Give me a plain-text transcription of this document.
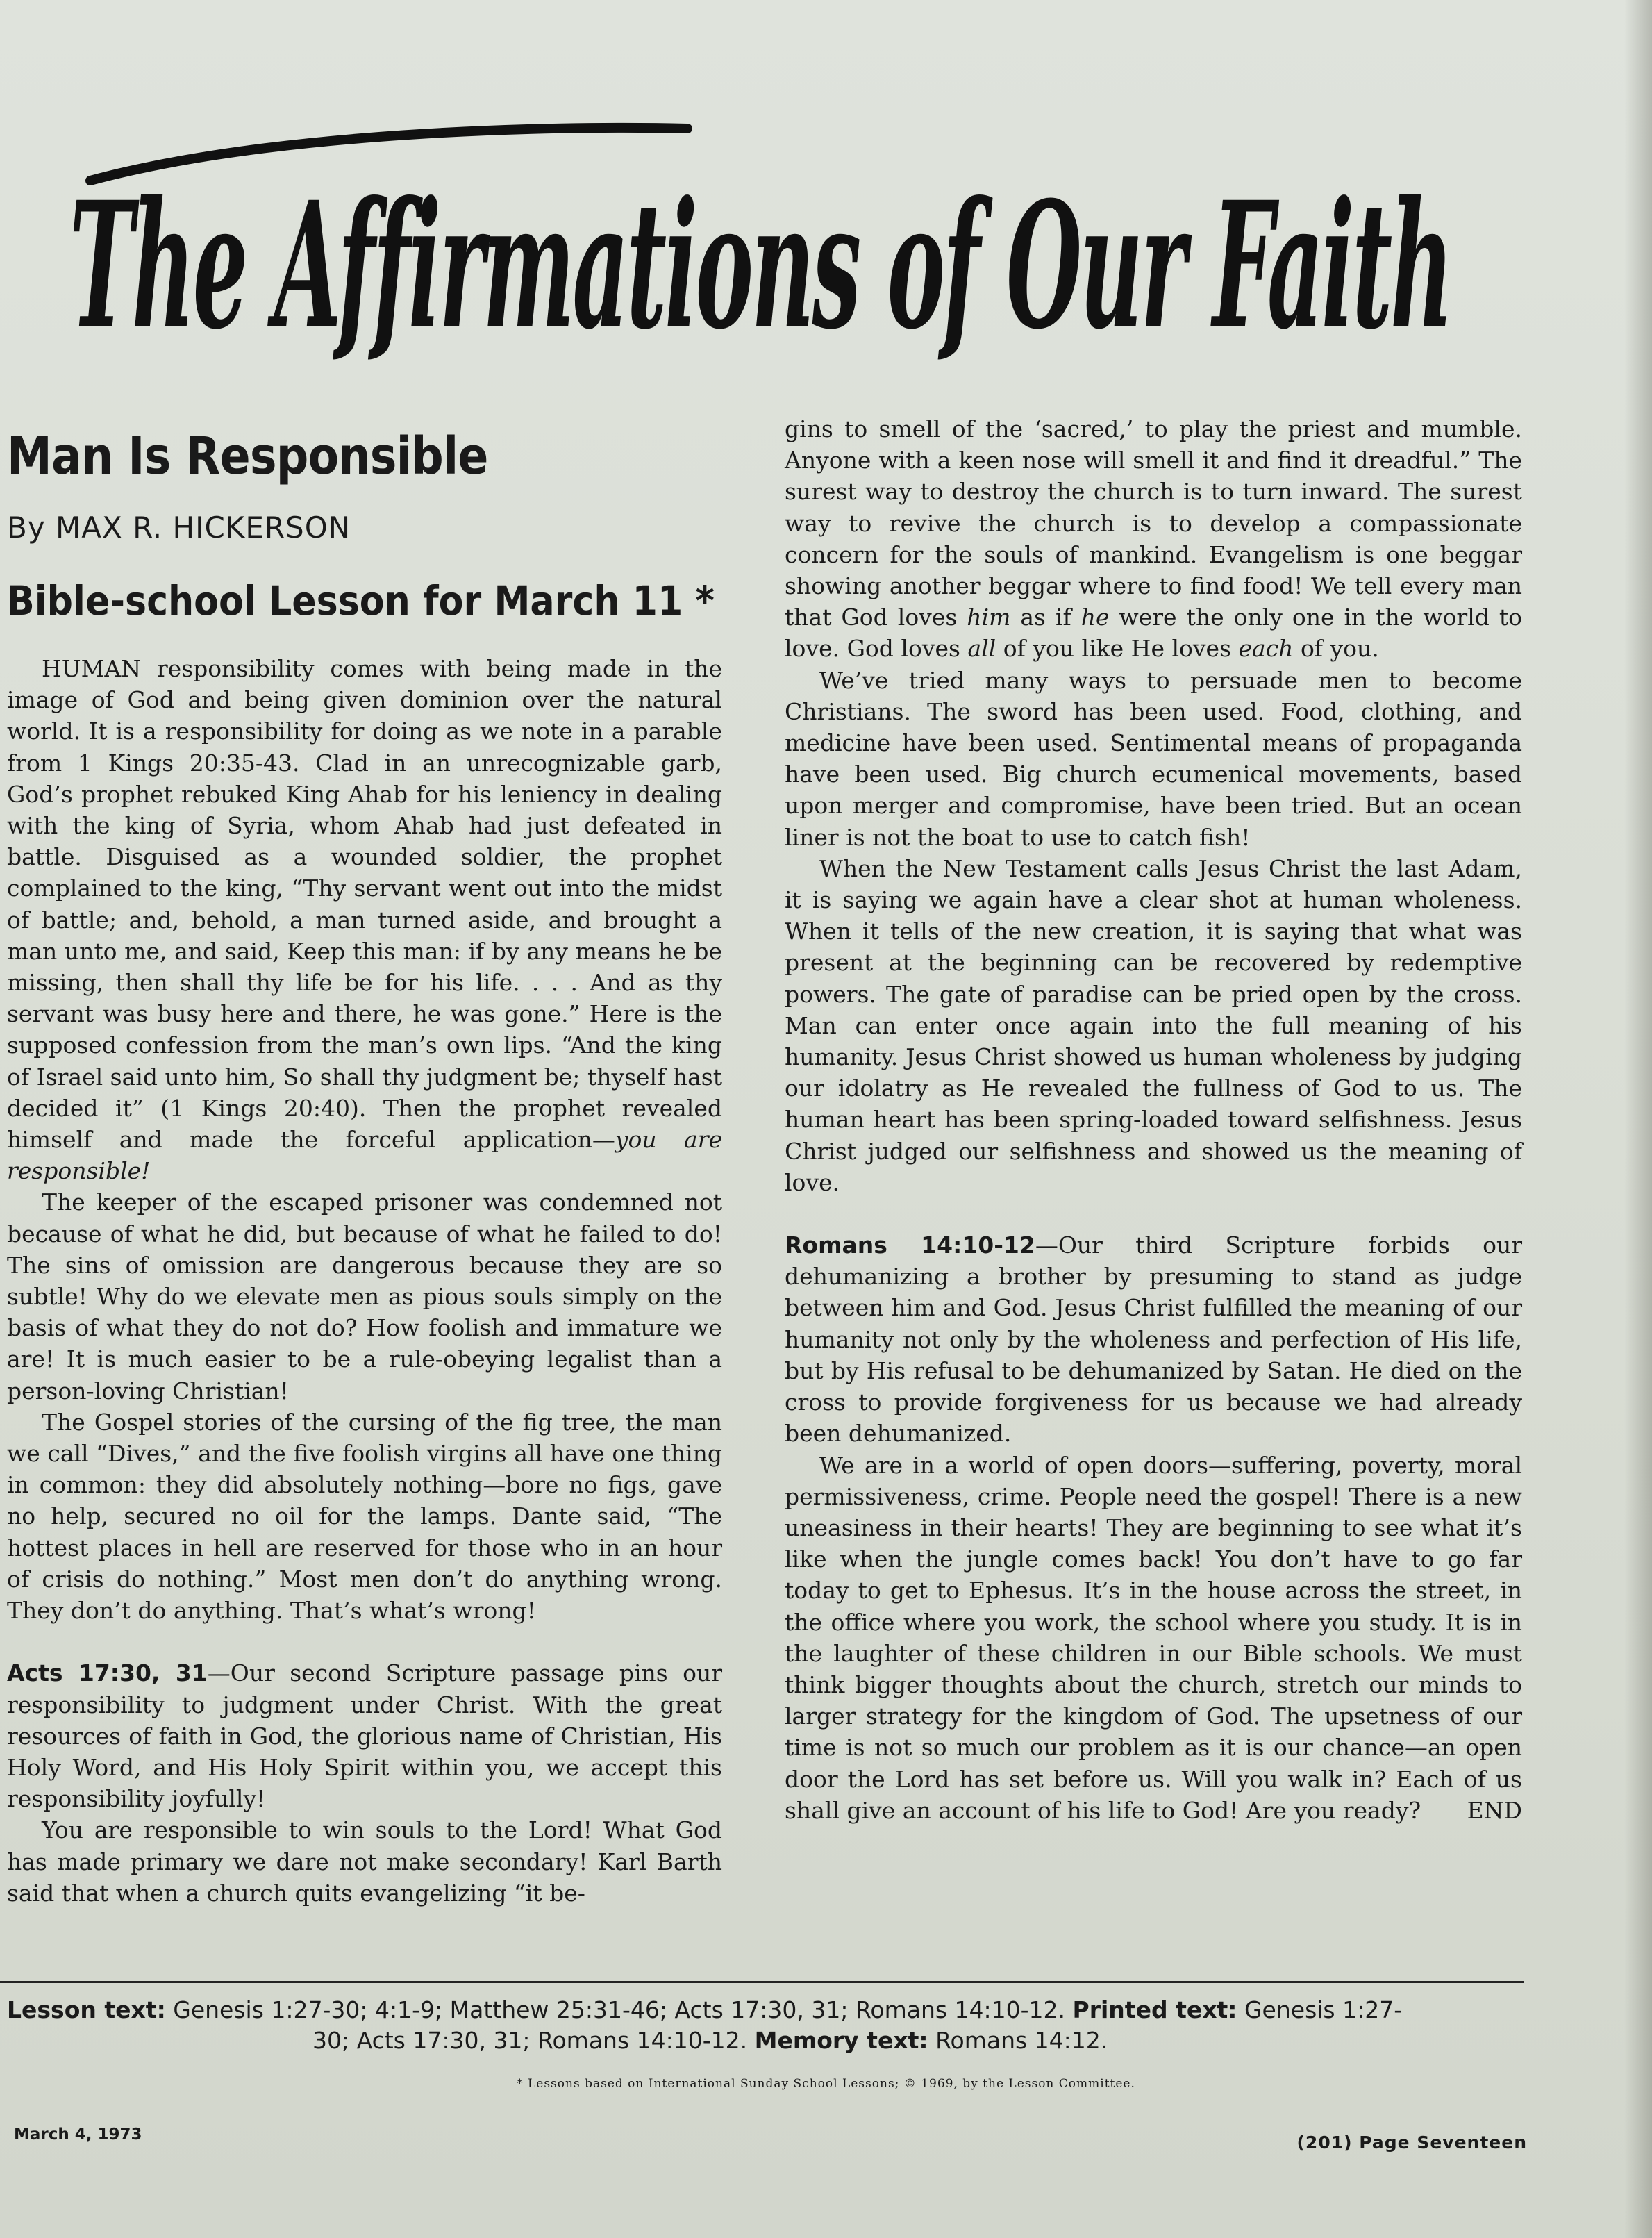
The Affirmations of Our Faith
Man Is Responsible
By MAX R. HICKERSON
Bible-school Lesson for March 11 *

HUMAN responsibility comes with being made in the image of God and being given dominion over the natural world. It is a responsibility for doing as we note in a parable from 1 Kings 20:35-43. Clad in an unrecognizable garb, God’s prophet rebuked King Ahab for his leniency in dealing with the king of Syria, whom Ahab had just defeated in battle. Disguised as a wounded soldier, the prophet complained to the king, “Thy servant went out into the midst of battle; and, behold, a man turned aside, and brought a man unto me, and said, Keep this man: if by any means he be missing, then shall thy life be for his life. . . . And as thy servant was busy here and there, he was gone.” Here is the supposed confession from the man’s own lips. “And the king of Israel said unto him, So shall thy judgment be; thyself hast decided it” (1 Kings 20:40). Then the prophet revealed himself and made the forceful application—you are responsible!

The keeper of the escaped prisoner was condemned not because of what he did, but because of what he failed to do! The sins of omission are dangerous because they are so subtle! Why do we elevate men as pious souls simply on the basis of what they do not do? How foolish and immature we are! It is much easier to be a rule-obeying legalist than a person-loving Christian!

The Gospel stories of the cursing of the fig tree, the man we call “Dives,” and the five foolish virgins all have one thing in common: they did absolutely nothing—bore no figs, gave no help, secured no oil for the lamps. Dante said, “The hottest places in hell are reserved for those who in an hour of crisis do nothing.” Most men don’t do anything wrong. They don’t do anything. That’s what’s wrong!

Acts 17:30, 31—Our second Scripture passage pins our responsibility to judgment under Christ. With the great resources of faith in God, the glorious name of Christian, His Holy Word, and His Holy Spirit within you, we accept this responsibility joyfully!

You are responsible to win souls to the Lord! What God has made primary we dare not make secondary! Karl Barth said that when a church quits evangelizing “it be-

gins to smell of the ‘sacred,’ to play the priest and mumble. Anyone with a keen nose will smell it and find it dreadful.” The surest way to destroy the church is to turn inward. The surest way to revive the church is to develop a compassionate concern for the souls of mankind. Evangelism is one beggar showing another beggar where to find food! We tell every man that God loves him as if he were the only one in the world to love. God loves all of you like He loves each of you.

We’ve tried many ways to persuade men to become Christians. The sword has been used. Food, clothing, and medicine have been used. Sentimental means of propaganda have been used. Big church ecumenical movements, based upon merger and compromise, have been tried. But an ocean liner is not the boat to use to catch fish!

When the New Testament calls Jesus Christ the last Adam, it is saying we again have a clear shot at human wholeness. When it tells of the new creation, it is saying that what was present at the beginning can be recovered by redemptive powers. The gate of paradise can be pried open by the cross. Man can enter once again into the full meaning of his humanity. Jesus Christ showed us human wholeness by judging our idolatry as He revealed the fullness of God to us. The human heart has been spring-loaded toward selfishness. Jesus Christ judged our selfishness and showed us the meaning of love.

Romans 14:10-12—Our third Scripture forbids our dehumanizing a brother by presuming to stand as judge between him and God. Jesus Christ fulfilled the meaning of our humanity not only by the wholeness and perfection of His life, but by His refusal to be dehumanized by Satan. He died on the cross to provide forgiveness for us because we had already been dehumanized.

We are in a world of open doors—suffering, poverty, moral permissiveness, crime. People need the gospel! There is a new uneasiness in their hearts! They are beginning to see what it’s like when the jungle comes back! You don’t have to go far today to get to Ephesus. It’s in the house across the street, in the office where you work, the school where you study. It is in the laughter of these children in our Bible schools. We must think bigger thoughts about the church, stretch our minds to larger strategy for the kingdom of God. The upsetness of our time is not so much our problem as it is our chance—an open door the Lord has set before us. Will you walk in? Each of us shall give an account of his life to God! Are you ready?	END

Lesson text: Genesis 1:27-30; 4:1-9; Matthew 25:31-46; Acts 17:30, 31; Romans 14:10-12. Printed text: Genesis 1:27-
30; Acts 17:30, 31; Romans 14:10-12. Memory text: Romans 14:12.
* Lessons based on International Sunday School Lessons; © 1969, by the Lesson Committee.
March 4, 1973	(201) Page Seventeen
